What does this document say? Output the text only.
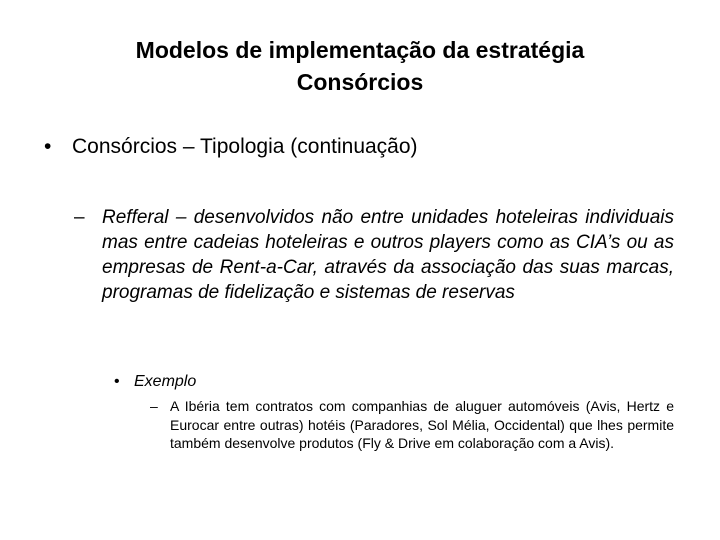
Modelos de implementação da estratégia
Consórcios
• Consórcios – Tipologia (continuação)
– Refferal – desenvolvidos não entre unidades hoteleiras individuais mas entre cadeias hoteleiras e outros players como as CIA’s ou as empresas de Rent-a-Car, através da associação das suas marcas, programas de fidelização e sistemas de reservas
• Exemplo
– A Ibéria tem contratos com companhias de aluguer automóveis (Avis, Hertz e Eurocar entre outras) hotéis (Paradores, Sol Mélia, Occidental) que lhes permite também desenvolve produtos (Fly & Drive em colaboração com a Avis).
